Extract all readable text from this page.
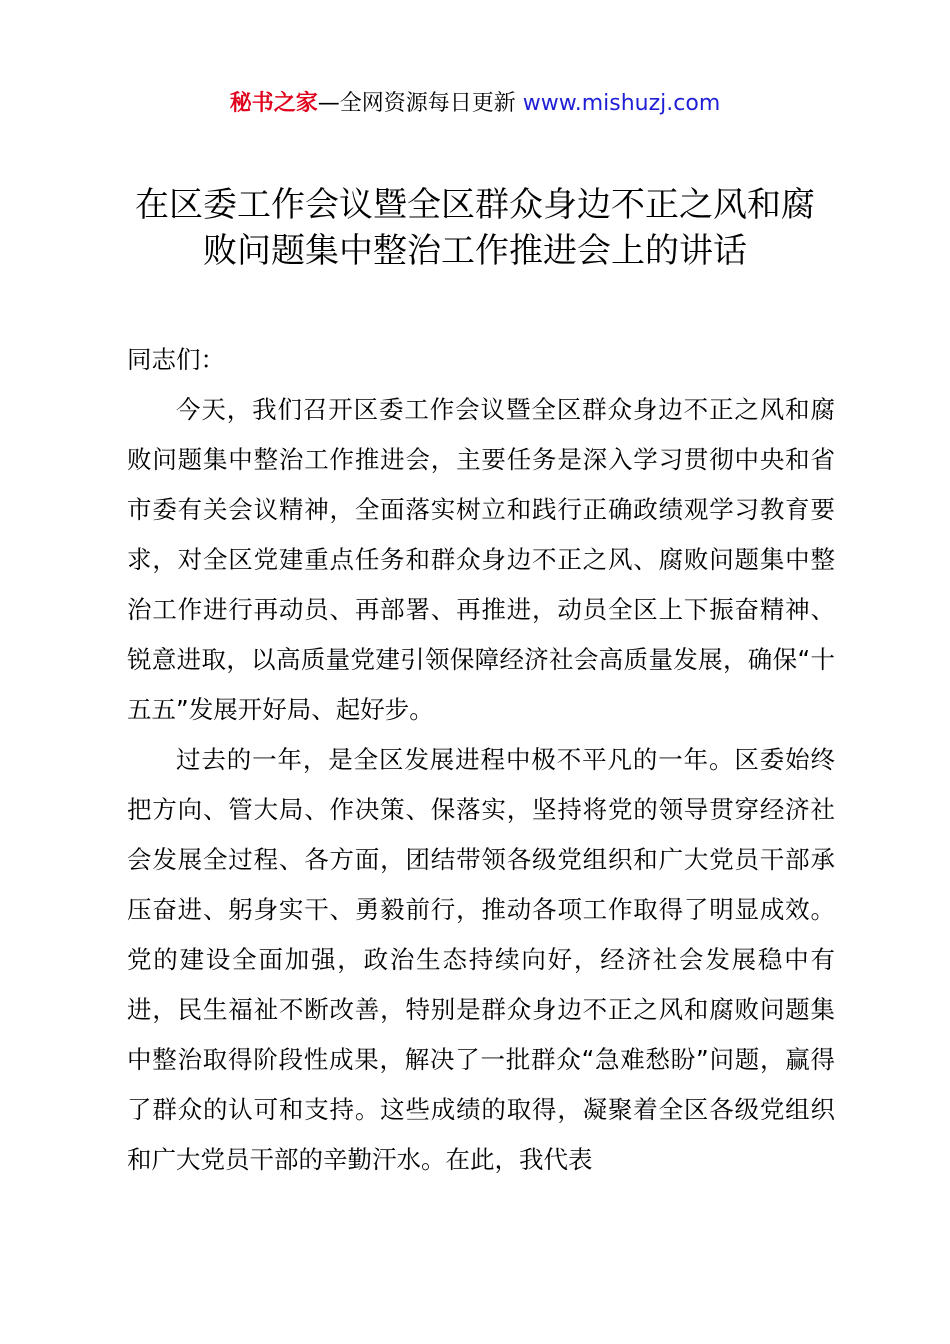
秘书之家—全网资源每日更新 www.mishuzj.com
在区委工作会议暨全区群众身边不正之风和腐
败问题集中整治工作推进会上的讲话

同志们：

今天，我们召开区委工作会议暨全区群众身边不正之风和腐败问题集中整治工作推进会，主要任务是深入学习贯彻中央和省市委有关会议精神，全面落实树立和践行正确政绩观学习教育要求，对全区党建重点任务和群众身边不正之风、腐败问题集中整治工作进行再动员、再部署、再推进，动员全区上下振奋精神、锐意进取，以高质量党建引领保障经济社会高质量发展，确保“十五五”发展开好局、起好步。

过去的一年，是全区发展进程中极不平凡的一年。区委始终把方向、管大局、作决策、保落实，坚持将党的领导贯穿经济社会发展全过程、各方面，团结带领各级党组织和广大党员干部承压奋进、躬身实干、勇毅前行，推动各项工作取得了明显成效。党的建设全面加强，政治生态持续向好，经济社会发展稳中有进，民生福祉不断改善，特别是群众身边不正之风和腐败问题集中整治取得阶段性成果，解决了一批群众“急难愁盼”问题，赢得了群众的认可和支持。这些成绩的取得，凝聚着全区各级党组织和广大党员干部的辛勤汗水。在此，我代表
